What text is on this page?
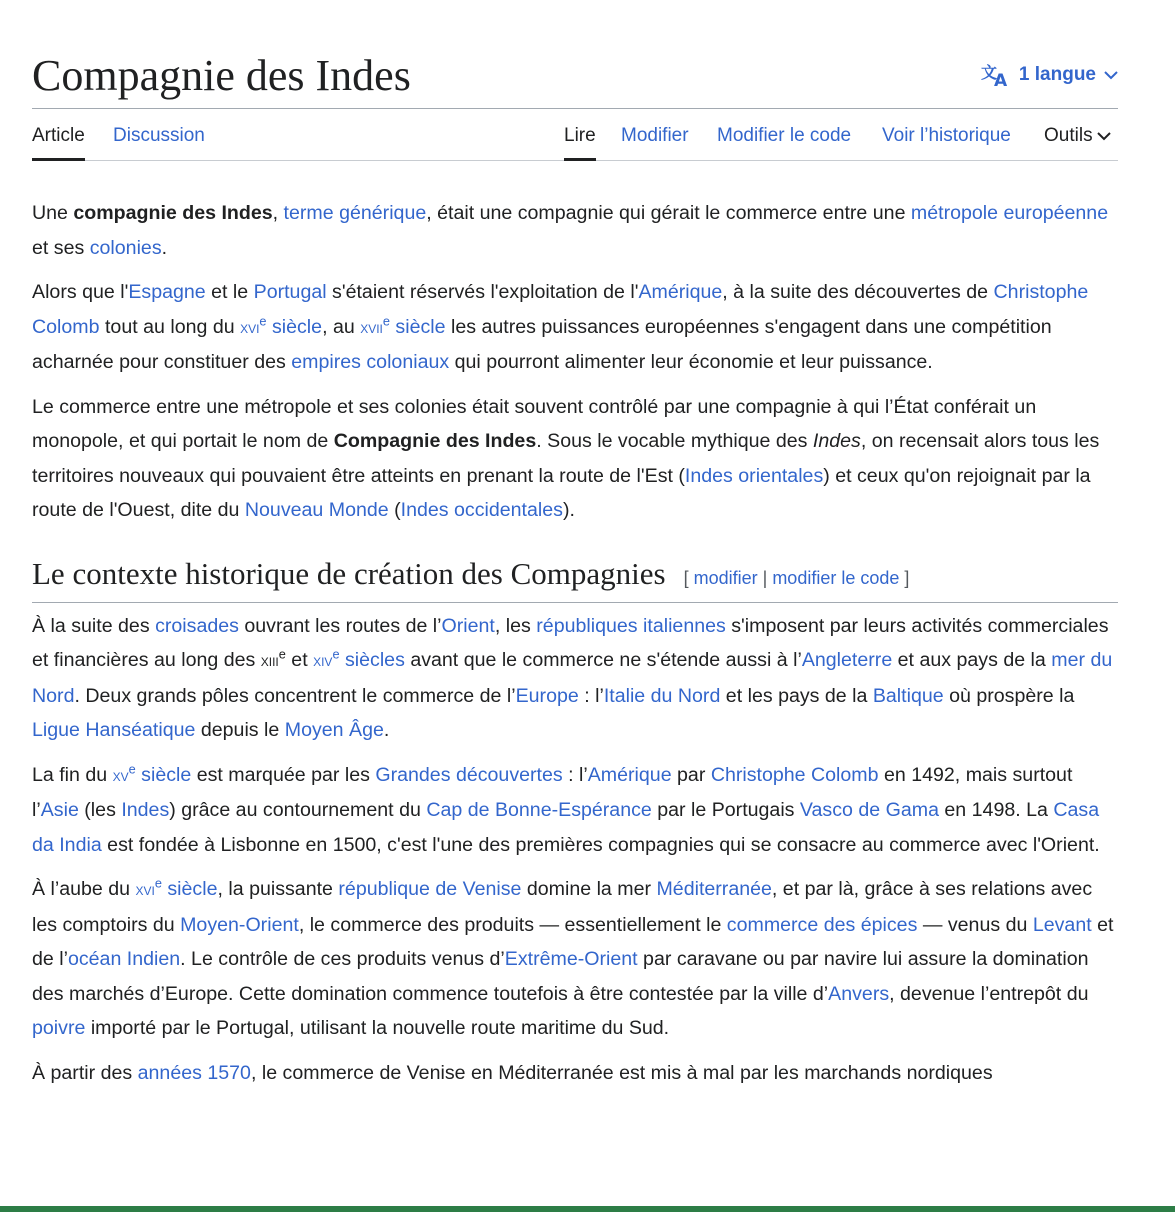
Compagnie des Indes	文
A 1 langue
Article Discussion	Lire Modifier Modifier le code Voir l’historique Outils

Une compagnie des Indes, terme générique, était une compagnie qui gérait le commerce entre une métropole européenne et ses colonies.

Alors que l'Espagne et le Portugal s'étaient réservés l'exploitation de l'Amérique, à la suite des découvertes de Christophe Colomb tout au long du xvi$^e$ siècle, au xvii$^e$ siècle les autres puissances européennes s'engagent dans une compétition acharnée pour constituer des empires coloniaux qui pourront alimenter leur économie et leur puissance.

Le commerce entre une métropole et ses colonies était souvent contrôlé par une compagnie à qui l’État conférait un monopole, et qui portait le nom de Compagnie des Indes. Sous le vocable mythique des Indes, on recensait alors tous les territoires nouveaux qui pouvaient être atteints en prenant la route de l'Est (Indes orientales) et ceux qu'on rejoignait par la route de l'Ouest, dite du Nouveau Monde (Indes occidentales).

Le contexte historique de création des Compagnies [ modifier | modifier le code ]

À la suite des croisades ouvrant les routes de l’Orient, les républiques italiennes s'imposent par leurs activités commerciales et financières au long des xiii$^e$ et xiv$^e$ siècles avant que le commerce ne s'étende aussi à l’Angleterre et aux pays de la mer du Nord. Deux grands pôles concentrent le commerce de l’Europe : l’Italie du Nord et les pays de la Baltique où prospère la Ligue Hanséatique depuis le Moyen Âge.

La fin du $xv^e$ siècle est marquée par les Grandes découvertes : l’Amérique par Christophe Colomb en 1492, mais surtout l’Asie (les Indes) grâce au contournement du Cap de Bonne-Espérance par le Portugais Vasco de Gama en 1498. La Casa da India est fondée à Lisbonne en 1500, c'est l'une des premières compagnies qui se consacre au commerce avec l'Orient.

À l’aube du xvi$^e$ siècle, la puissante république de Venise domine la mer Méditerranée, et par là, grâce à ses relations avec les comptoirs du Moyen-Orient, le commerce des produits — essentiellement le commerce des épices — venus du Levant et de l’océan Indien. Le contrôle de ces produits venus d’Extrême-Orient par caravane ou par navire lui assure la domination des marchés d’Europe. Cette domination commence toutefois à être contestée par la ville d’Anvers, devenue l’entrepôt du poivre importé par le Portugal, utilisant la nouvelle route maritime du Sud.

À partir des années 1570, le commerce de Venise en Méditerranée est mis à mal par les marchands nordiques
